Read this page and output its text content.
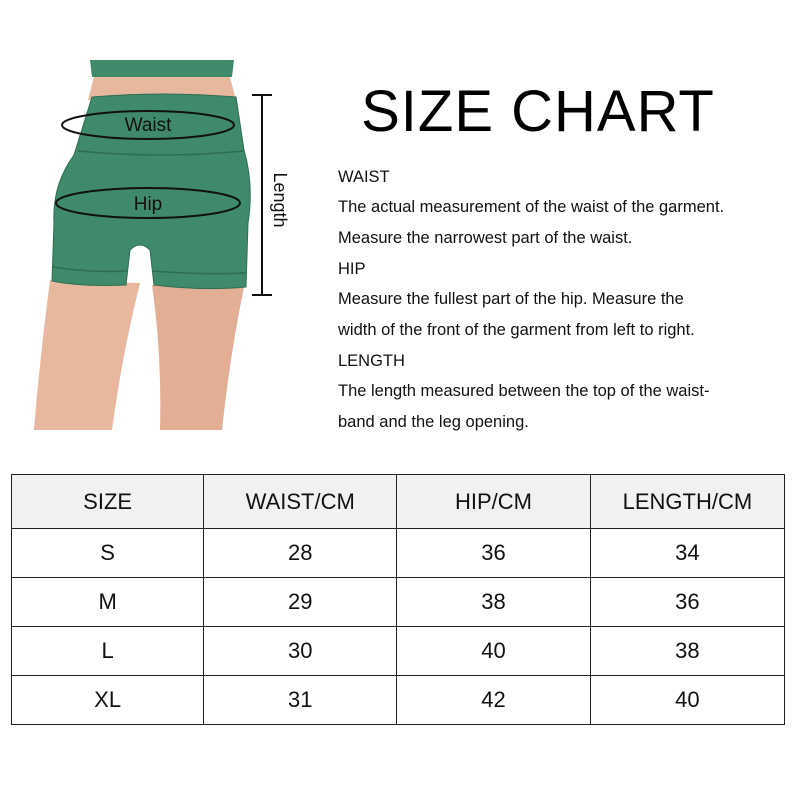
Waist
Hip	Length
SIZE CHART
WAIST
The actual measurement of the waist of the garment.
Measure the narrowest part of the waist.
HIP
Measure the fullest part of the hip. Measure the
width of the front of the garment from left to right.
LENGTH
The length measured between the top of the waist-
band and the leg opening.
SIZE	WAIST/CM	HIP/CM	LENGTH/CM
S	28	36	34
M	29	38	36
L	30	40	38
XL	31	42	40
